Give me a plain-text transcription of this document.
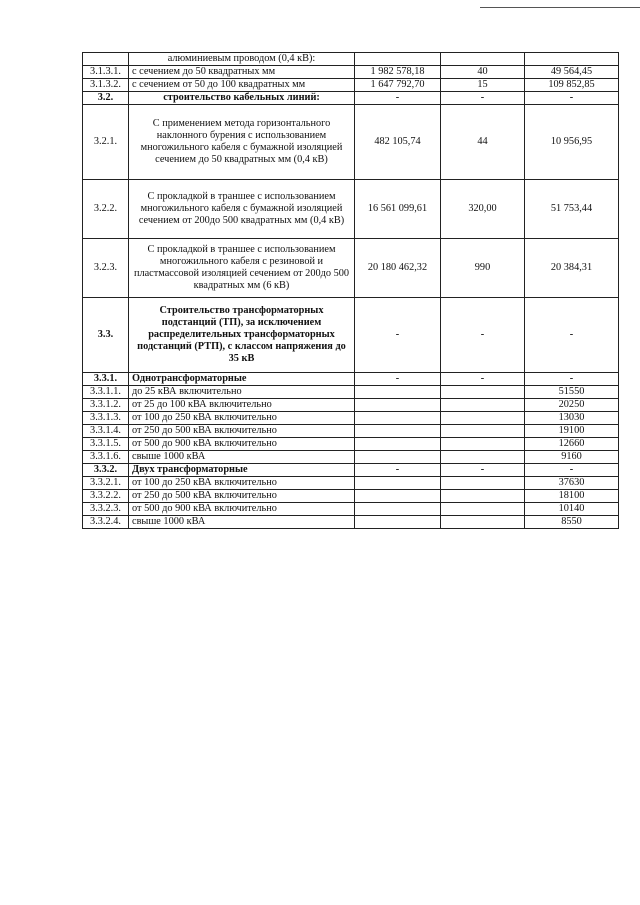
	алюминиевым проводом (0,4 кВ):			
3.1.3.1.	с сечением до 50 квадратных мм	1 982 578,18	40	49 564,45
3.1.3.2.	с сечением от 50 до 100 квадратных мм	1 647 792,70	15	109 852,85
3.2.	строительство кабельных линий:	-	-	-
3.2.1.	С применением метода горизонтального наклонного бурения с использованием многожильного кабеля с бумажной изоляцией сечением до 50 квадратных мм (0,4 кВ)	482 105,74	44	10 956,95
3.2.2.	С прокладкой в траншее с использованием многожильного кабеля с бумажной изоляцией сечением от 200до 500 квадратных мм (0,4 кВ)	16 561 099,61	320,00	51 753,44
3.2.3.	С прокладкой в траншее с использованием многожильного кабеля с резиновой и пластмассовой изоляцией сечением от 200до 500 квадратных мм (6 кВ)	20 180 462,32	990	20 384,31
3.3.	Строительство трансформаторных подстанций (ТП), за исключением распределительных трансформаторных подстанций (РТП), с классом напряжения до 35 кВ	-	-	-
3.3.1.	Однотрансформаторные	-	-	-
3.3.1.1.	до 25 кВА включительно			51550
3.3.1.2.	от 25 до 100 кВА включительно			20250
3.3.1.3.	от 100 до 250 кВА включительно			13030
3.3.1.4.	от 250 до 500 кВА включительно			19100
3.3.1.5.	от 500 до 900 кВА включительно			12660
3.3.1.6.	свыше 1000 кВА			9160
3.3.2.	Двух трансформаторные	-	-	-
3.3.2.1.	от 100 до 250 кВА включительно			37630
3.3.2.2.	от 250 до 500 кВА включительно			18100
3.3.2.3.	от 500 до 900 кВА включительно			10140
3.3.2.4.	свыше 1000 кВА			8550
